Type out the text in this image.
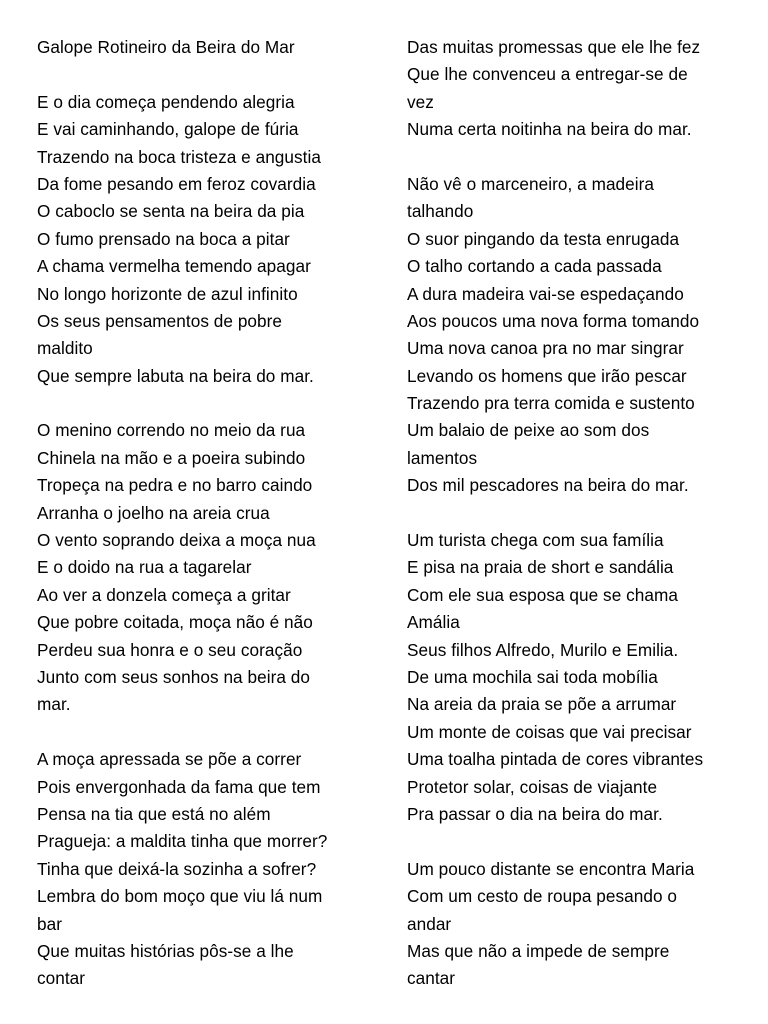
Galope Rotineiro da Beira do Mar
E o dia começa pendendo alegria
E vai caminhando, galope de fúria
Trazendo na boca tristeza e angustia
Da fome pesando em feroz covardia
O caboclo se senta na beira da pia
O fumo prensado na boca a pitar
A chama vermelha temendo apagar
No longo horizonte de azul infinito
Os seus pensamentos de pobre
maldito
Que sempre labuta na beira do mar.
O menino correndo no meio da rua
Chinela na mão e a poeira subindo
Tropeça na pedra e no barro caindo
Arranha o joelho na areia crua
O vento soprando deixa a moça nua
E o doido na rua a tagarelar
Ao ver a donzela começa a gritar
Que pobre coitada, moça não é não
Perdeu sua honra e o seu coração
Junto com seus sonhos na beira do
mar.
A moça apressada se põe a correr
Pois envergonhada da fama que tem
Pensa na tia que está no além
Pragueja: a maldita tinha que morrer?
Tinha que deixá-la sozinha a sofrer?
Lembra do bom moço que viu lá num
bar
Que muitas histórias pôs-se a lhe
contar
Das muitas promessas que ele lhe fez
Que lhe convenceu a entregar-se de
vez
Numa certa noitinha na beira do mar.
Não vê o marceneiro, a madeira
talhando
O suor pingando da testa enrugada
O talho cortando a cada passada
A dura madeira vai-se espedaçando
Aos poucos uma nova forma tomando
Uma nova canoa pra no mar singrar
Levando os homens que irão pescar
Trazendo pra terra comida e sustento
Um balaio de peixe ao som dos
lamentos
Dos mil pescadores na beira do mar.
Um turista chega com sua família
E pisa na praia de short e sandália
Com ele sua esposa que se chama
Amália
Seus filhos Alfredo, Murilo e Emilia.
De uma mochila sai toda mobília
Na areia da praia se põe a arrumar
Um monte de coisas que vai precisar
Uma toalha pintada de cores vibrantes
Protetor solar, coisas de viajante
Pra passar o dia na beira do mar.
Um pouco distante se encontra Maria
Com um cesto de roupa pesando o
andar
Mas que não a impede de sempre
cantar
